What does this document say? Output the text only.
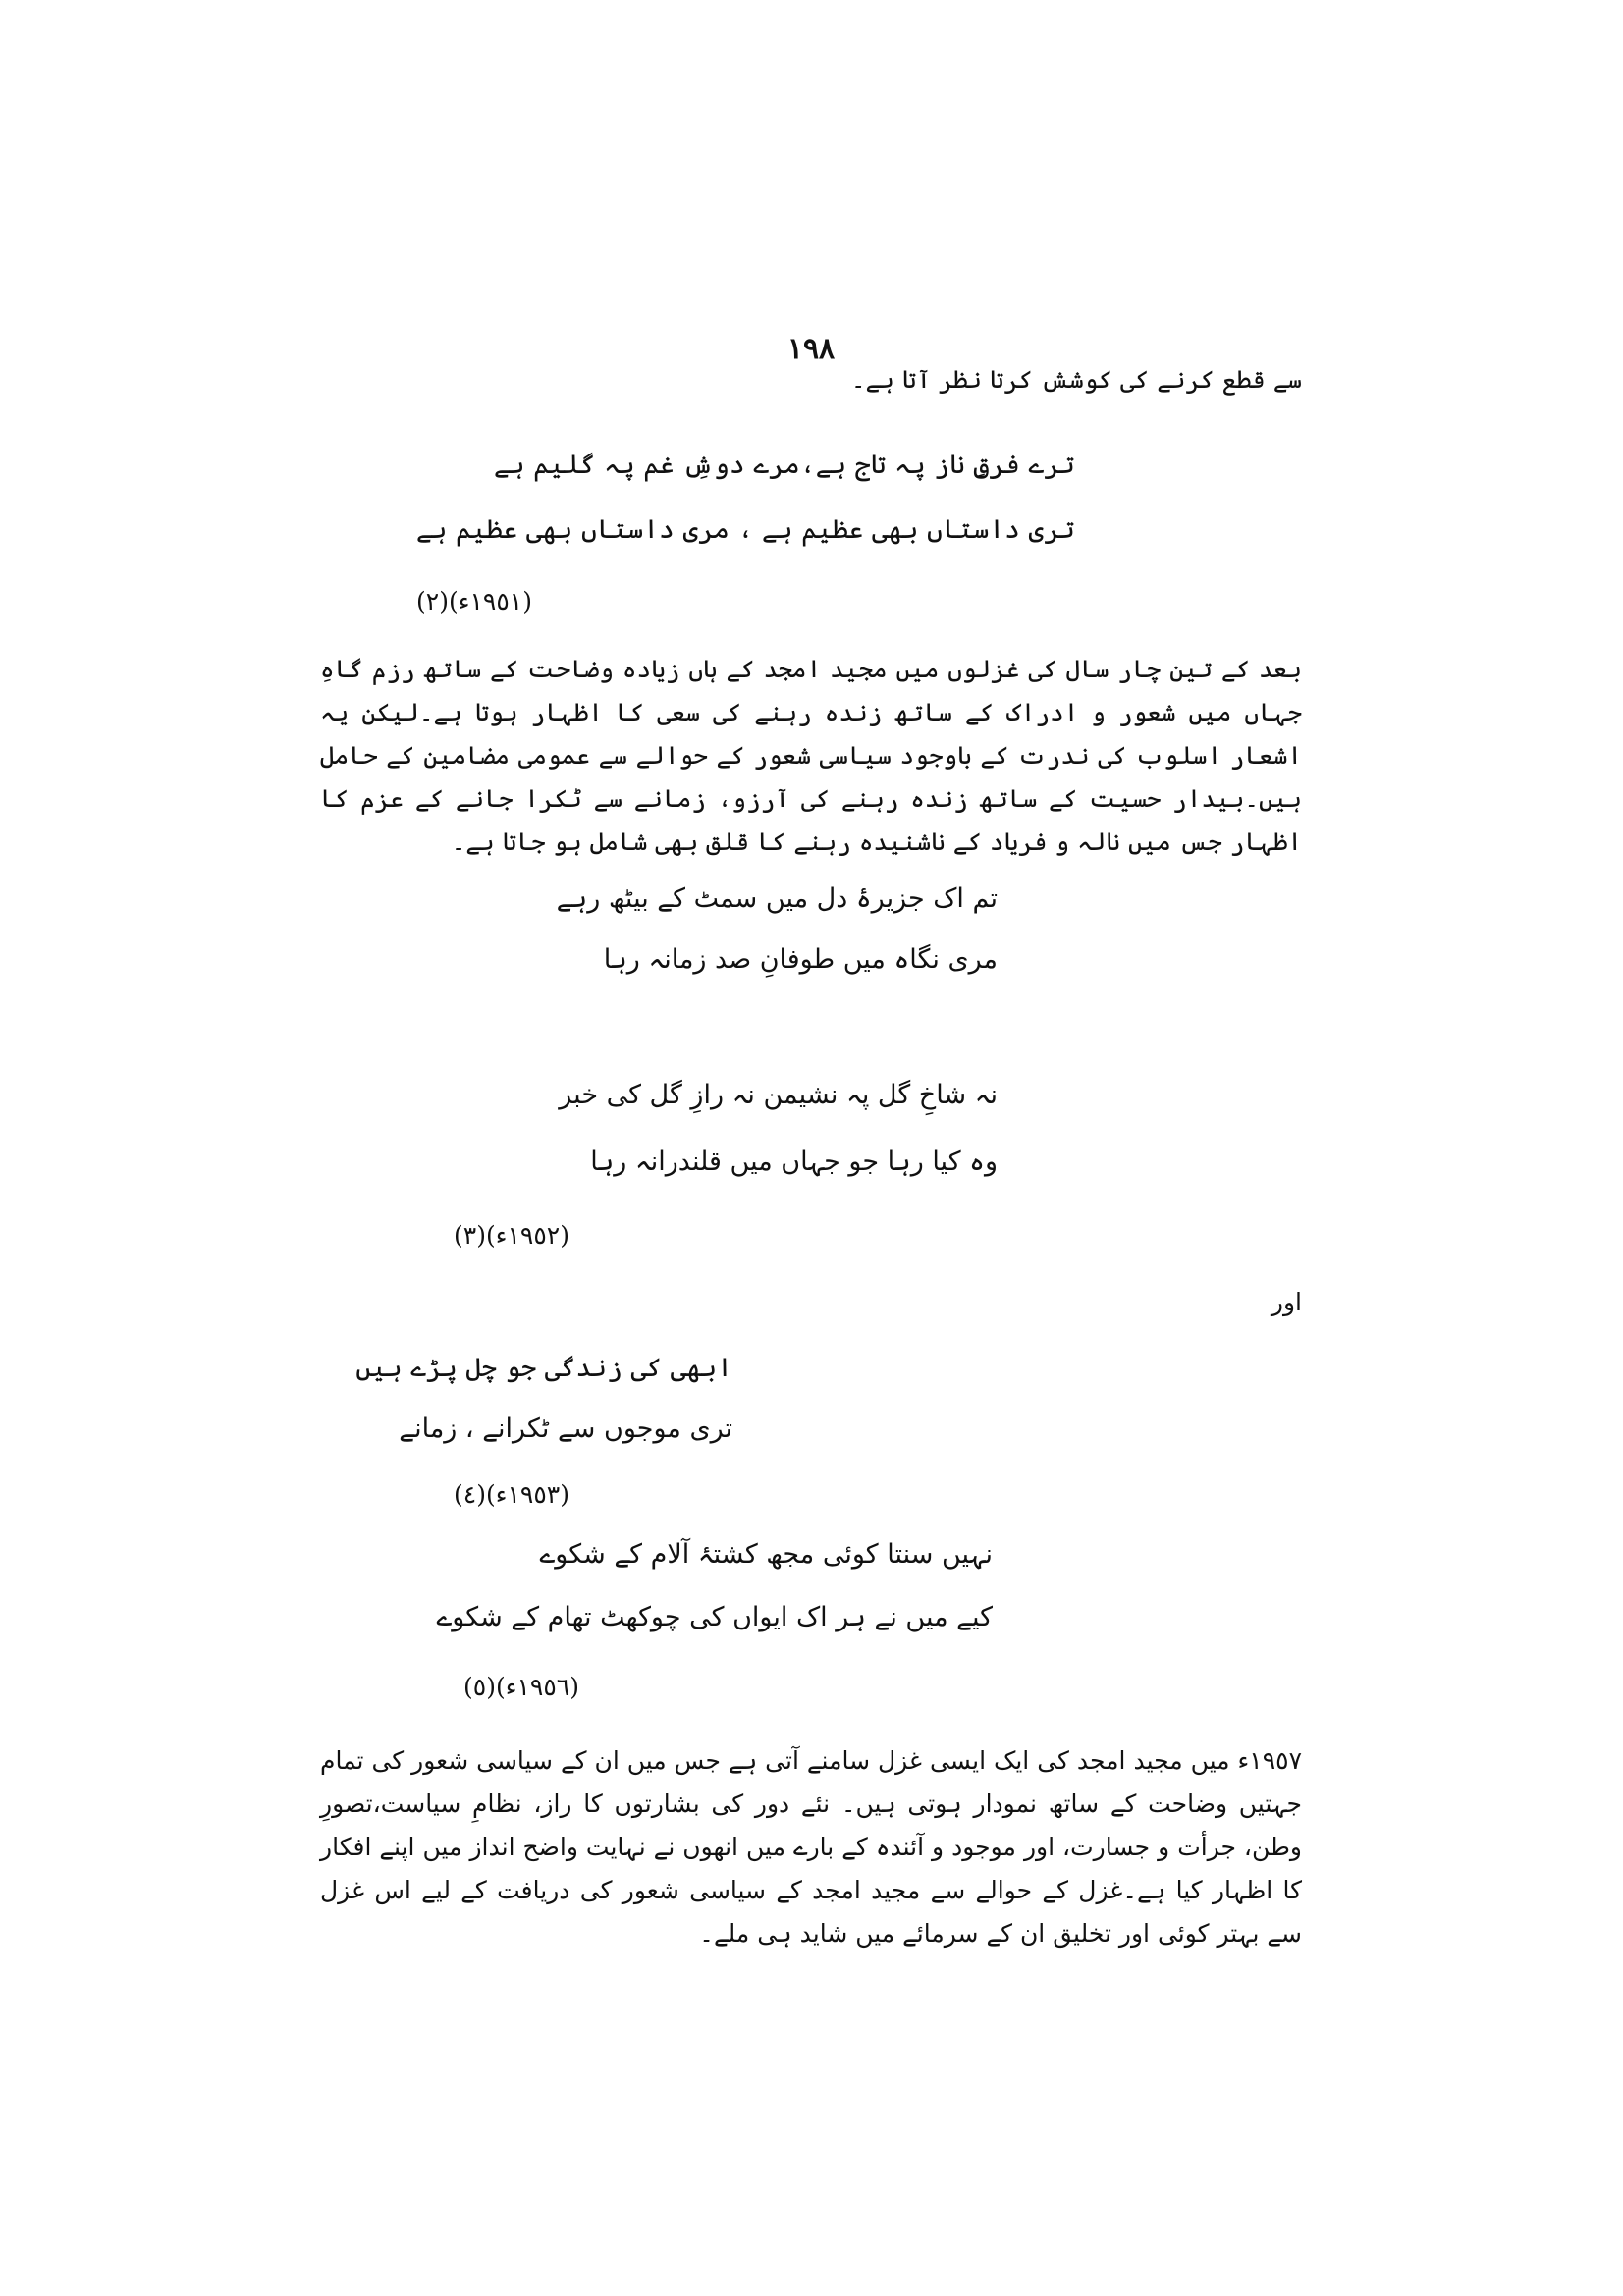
١٩٨
سے قطع کرنے کی کوشش کرتا نظر آتا ہے۔
ترے فرقِ ناز پہ تاج ہے،مرے دوشِ غم پہ گلیم ہے
تری داستاں بھی عظیم ہے ، مری داستاں بھی عظیم ہے
(١٩٥١ء)(٢)
بعد کے تین چار سال کی غزلوں میں مجید امجد کے ہاں زیادہ وضاحت کے ساتھ رزم گاہِ جہاں میں شعور و ادراک کے ساتھ زندہ رہنے کی سعی کا اظہار ہوتا ہے۔لیکن یہ اشعار اسلوب کی ندرت کے باوجود سیاسی شعور کے حوالے سے عمومی مضامین کے حامل ہیں۔بیدار حسیت کے ساتھ زندہ رہنے کی آرزو، زمانے سے ٹکرا جانے کے عزم کا اظہار جس میں نالہ و فریاد کے ناشنیدہ رہنے کا قلق بھی شامل ہو جاتا ہے۔
تم اک جزیرۂ دل میں سمٹ کے بیٹھ رہے
مری نگاہ میں طوفانِ صد زمانہ رہا
نہ شاخِ گل پہ نشیمن نہ رازِ گل کی خبر
وہ کیا رہا جو جہاں میں قلندرانہ رہا
(١٩٥٢ء)(٣)
اور
ابھی کی زندگی جو چل پڑے ہیں
تری موجوں سے ٹکرانے ، زمانے
(١٩٥٣ء)(٤)
نہیں سنتا کوئی مجھ کشتۂ آلام کے شکوے
کیے میں نے ہر اک ایواں کی چوکھٹ تھام کے شکوے
(١٩٥٦ء)(٥)
١٩٥٧ء میں مجید امجد کی ایک ایسی غزل سامنے آتی ہے جس میں ان کے سیاسی شعور کی تمام جہتیں وضاحت کے ساتھ نمودار ہوتی ہیں۔ نئے دور کی بشارتوں کا راز، نظامِ سیاست،تصورِ وطن، جرأت و جسارت، اور موجود و آئندہ کے بارے میں انھوں نے نہایت واضح انداز میں اپنے افکار کا اظہار کیا ہے۔غزل کے حوالے سے مجید امجد کے سیاسی شعور کی دریافت کے لیے اس غزل سے بہتر کوئی اور تخلیق ان کے سرمائے میں شاید ہی ملے۔
